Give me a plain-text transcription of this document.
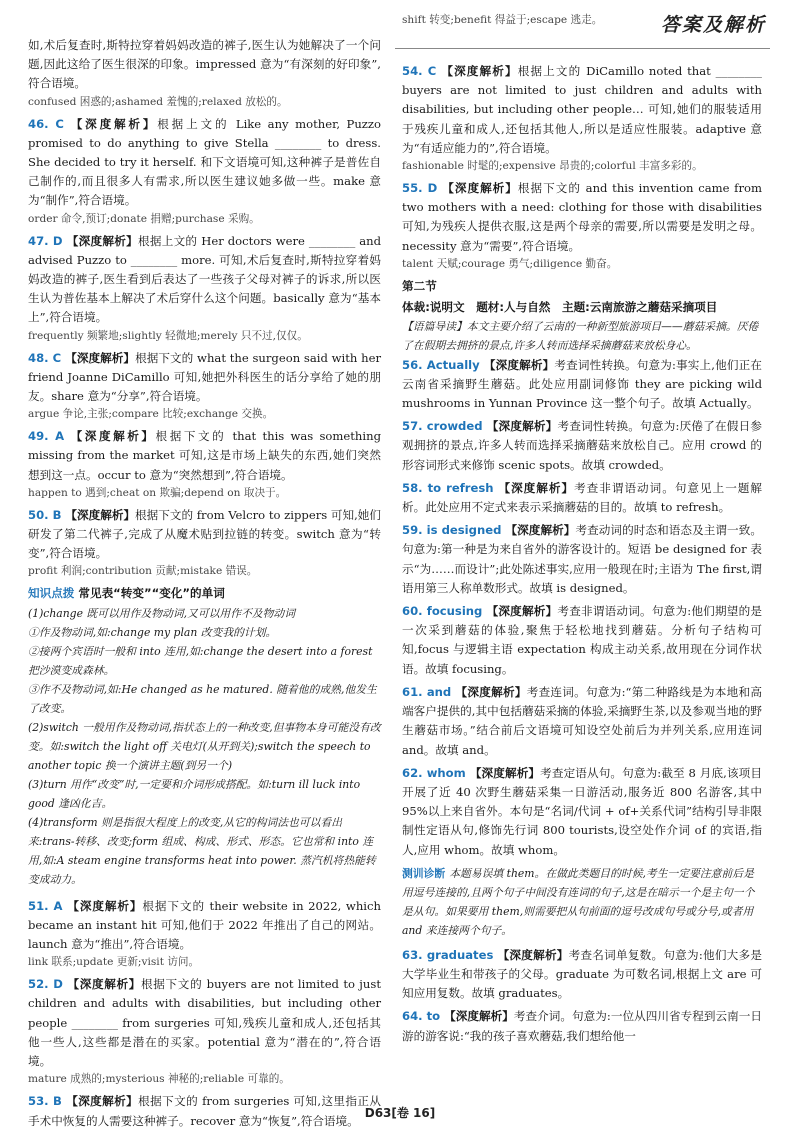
答案及解析

如,术后复查时,斯特拉穿着妈妈改造的裤子,医生认为她解决了一个问题,因此这给了医生很深的印象。impressed 意为“有深刻的好印象”,符合语境。
confused 困惑的;ashamed 羞愧的;relaxed 放松的。

46. C 【深度解析】根据上文的 Like any mother, Puzzo promised to do anything to give Stella ________ to dress. She decided to try it herself. 和下文语境可知,这种裤子是普佐自己制作的,而且很多人有需求,所以医生建议她多做一些。make 意为“制作”,符合语境。
order 命令,预订;donate 捐赠;purchase 采购。

47. D 【深度解析】根据上文的 Her doctors were ________ and advised Puzzo to ________ more. 可知,术后复查时,斯特拉穿着妈妈改造的裤子,医生看到后表达了一些孩子父母对裤子的诉求,所以医生认为普佐基本上解决了术后穿什么这个问题。basically 意为“基本上”,符合语境。
frequently 频繁地;slightly 轻微地;merely 只不过,仅仅。

48. C 【深度解析】根据下文的 what the surgeon said with her friend Joanne DiCamillo 可知,她把外科医生的话分享给了她的朋友。share 意为“分享”,符合语境。
argue 争论,主张;compare 比较;exchange 交换。

49. A 【深度解析】根据下文的 that this was something missing from the market 可知,这是市场上缺失的东西,她们突然想到这一点。occur to 意为“突然想到”,符合语境。
happen to 遇到;cheat on 欺骗;depend on 取决于。

50. B 【深度解析】根据下文的 from Velcro to zippers 可知,她们研发了第二代裤子,完成了从魔术贴到拉链的转变。switch 意为“转变”,符合语境。
profit 利润;contribution 贡献;mistake 错误。

知识点拨 常见表“转变”“变化”的单词
(1)change 既可以用作及物动词,又可以用作不及物动词
①作及物动词,如:change my plan 改变我的计划。
②接两个宾语时一般和 into 连用,如:change the desert into a forest 把沙漠变成森林。
③作不及物动词,如:He changed as he matured. 随着他的成熟,他发生了改变。
(2)switch 一般用作及物动词,指状态上的一种改变,但事物本身可能没有改变。如:switch the light off 关电灯(从开到关);switch the speech to another topic 换一个演讲主题(到另一个)
(3)turn 用作“改变”时,一定要和介词形成搭配。如:turn ill luck into good 逢凶化吉。
(4)transform 则是指很大程度上的改变,从它的构词法也可以看出来:trans-转移、改变;form 组成、构成、形式、形态。它也常和 into 连用,如:A steam engine transforms heat into power. 蒸汽机将热能转变成动力。

51. A 【深度解析】根据下文的 their website in 2022, which became an instant hit 可知,他们于 2022 年推出了自己的网站。launch 意为“推出”,符合语境。
link 联系;update 更新;visit 访问。

52. D 【深度解析】根据下文的 buyers are not limited to just children and adults with disabilities, but including other people ________ from surgeries 可知,残疾儿童和成人,还包括其他一些人,这些都是潜在的买家。potential 意为“潜在的”,符合语境。
mature 成熟的;mysterious 神秘的;reliable 可靠的。

53. B 【深度解析】根据下文的 from surgeries 可知,这里指正从手术中恢复的人需要这种裤子。recover 意为“恢复”,符合语境。

shift 转变;benefit 得益于;escape 逃走。

54. C 【深度解析】根据上文的 DiCamillo noted that ________ buyers are not limited to just children and adults with disabilities, but including other people… 可知,她们的服装适用于残疾儿童和成人,还包括其他人,所以是适应性服装。adaptive 意为“有适应能力的”,符合语境。
fashionable 时髦的;expensive 昂贵的;colorful 丰富多彩的。

55. D 【深度解析】根据下文的 and this invention came from two mothers with a need: clothing for those with disabilities 可知,为残疾人提供衣服,这是两个母亲的需要,所以需要是发明之母。necessity 意为“需要”,符合语境。
talent 天赋;courage 勇气;diligence 勤奋。

第二节
体裁:说明文　题材:人与自然　主题:云南旅游之蘑菇采摘项目
【语篇导读】本文主要介绍了云南的一种新型旅游项目——蘑菇采摘。厌倦了在假期去拥挤的景点,许多人转而选择采摘蘑菇来放松身心。

56. Actually 【深度解析】考查词性转换。句意为:事实上,他们正在云南省采摘野生蘑菇。此处应用副词修饰 they are picking wild mushrooms in Yunnan Province 这一整个句子。故填 Actually。

57. crowded 【深度解析】考查词性转换。句意为:厌倦了在假日参观拥挤的景点,许多人转而选择采摘蘑菇来放松自己。应用 crowd 的形容词形式来修饰 scenic spots。故填 crowded。

58. to refresh 【深度解析】考查非谓语动词。句意见上一题解析。此处应用不定式来表示采摘蘑菇的目的。故填 to refresh。

59. is designed 【深度解析】考查动词的时态和语态及主谓一致。句意为:第一种是为来自省外的游客设计的。短语 be designed for 表示“为……而设计”;此处陈述事实,应用一般现在时;主语为 The first,谓语用第三人称单数形式。故填 is designed。

60. focusing 【深度解析】考查非谓语动词。句意为:他们期望的是一次采到蘑菇的体验,聚焦于轻松地找到蘑菇。分析句子结构可知,focus 与逻辑主语 expectation 构成主动关系,故用现在分词作状语。故填 focusing。

61. and 【深度解析】考查连词。句意为:“第二种路线是为本地和高端客户提供的,其中包括蘑菇采摘的体验,采摘野生茶,以及参观当地的野生蘑菇市场。”结合前后文语境可知设空处前后为并列关系,应用连词 and。故填 and。

62. whom 【深度解析】考查定语从句。句意为:截至 8 月底,该项目开展了近 40 次野生蘑菇采集一日游活动,服务近 800 名游客,其中 95%以上来自省外。本句是“名词/代词 + of+关系代词”结构引导非限制性定语从句,修饰先行词 800 tourists,设空处作介词 of 的宾语,指人,应用 whom。故填 whom。

测训诊断 本题易误填 them。在做此类题目的时候,考生一定要注意前后是用逗号连接的,且两个句子中间没有连词的句子,这是在暗示一个是主句一个是从句。如果要用 them,则需要把从句前面的逗号改成句号或分号,或者用 and 来连接两个句子。

63. graduates 【深度解析】考查名词单复数。句意为:他们大多是大学毕业生和带孩子的父母。graduate 为可数名词,根据上文 are 可知应用复数。故填 graduates。

64. to 【深度解析】考查介词。句意为:一位从四川省专程到云南一日游的游客说:“我的孩子喜欢蘑菇,我们想给他一

D63[卷 16]
